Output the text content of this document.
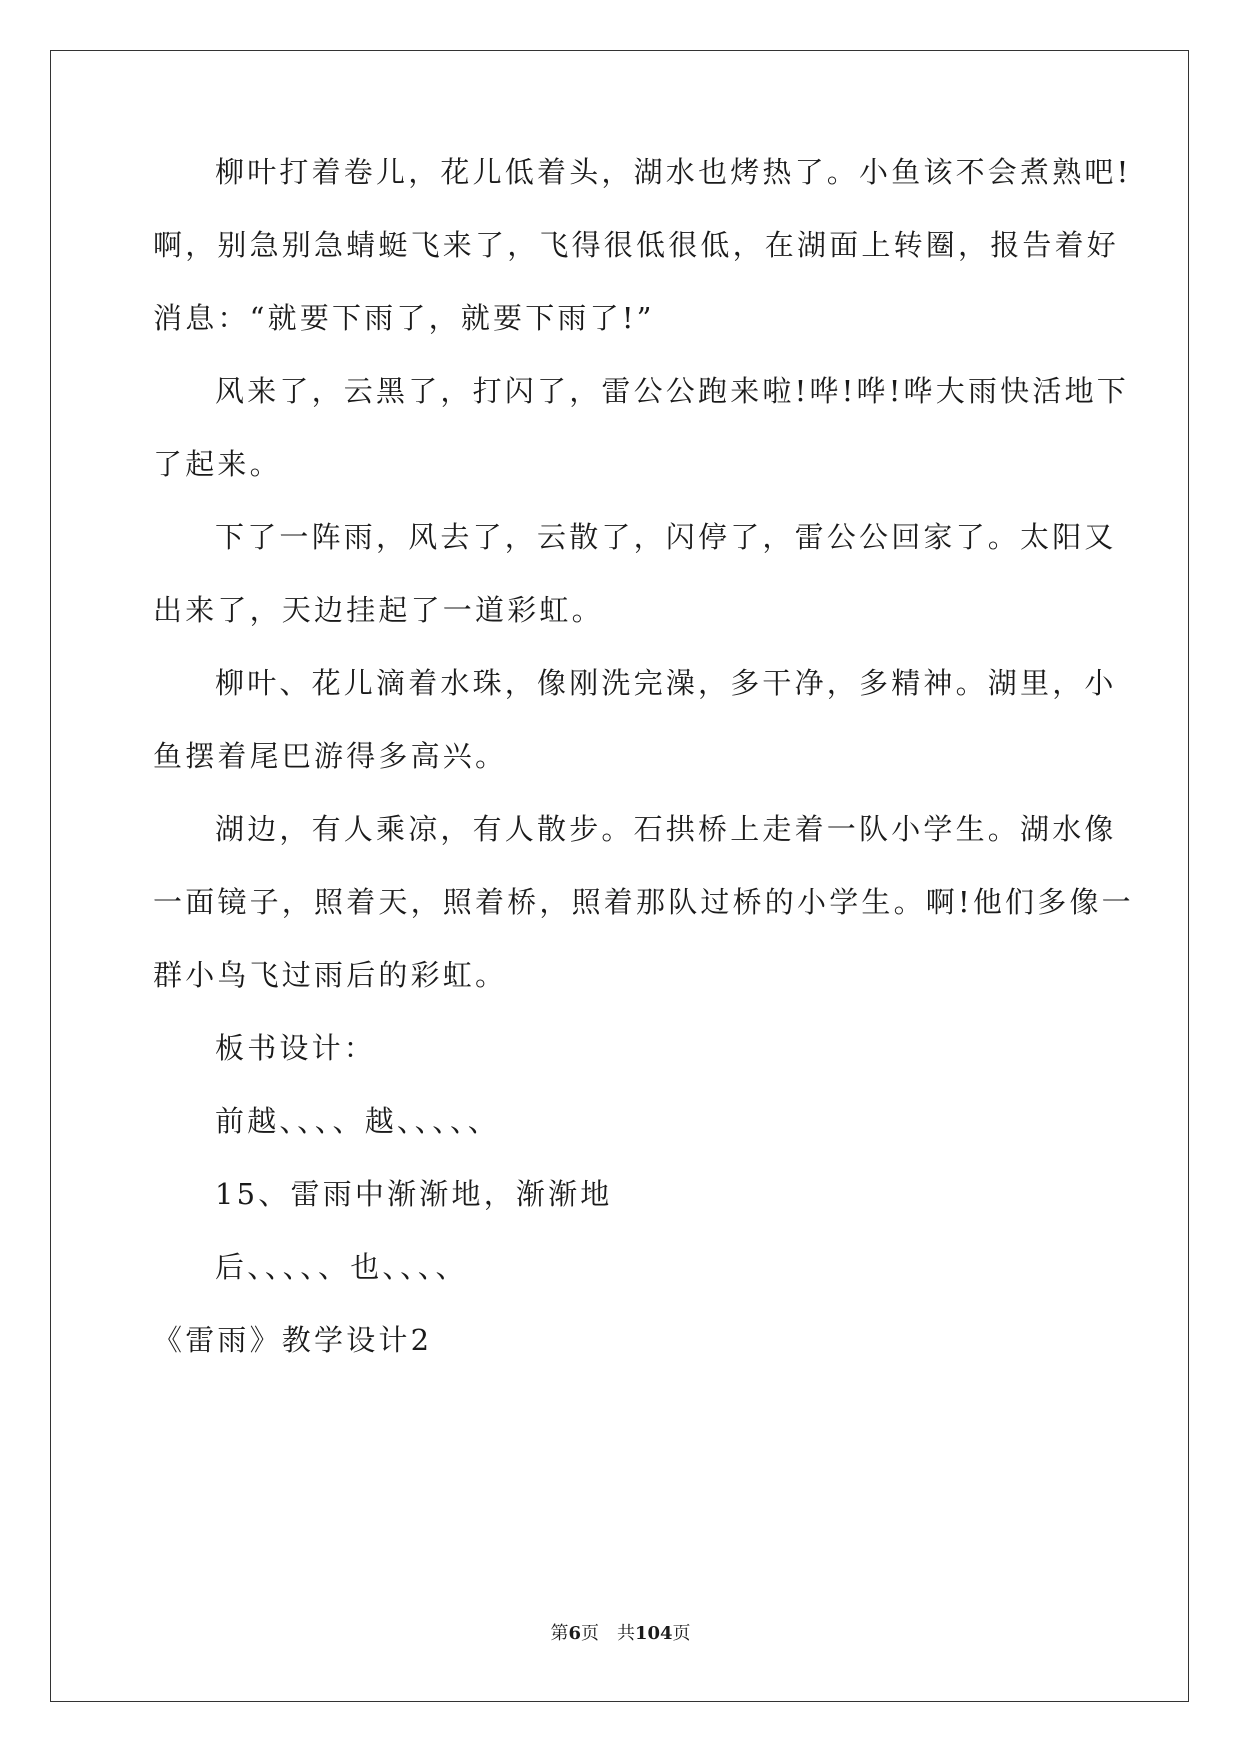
柳叶打着卷儿，花儿低着头，湖水也烤热了。小鱼该不会煮熟吧!
啊，别急别急蜻蜓飞来了，飞得很低很低，在湖面上转圈，报告着好
消息：“就要下雨了，就要下雨了!”
风来了，云黑了，打闪了，雷公公跑来啦!哗!哗!哗大雨快活地下
了起来。
下了一阵雨，风去了，云散了，闪停了，雷公公回家了。太阳又
出来了，天边挂起了一道彩虹。
柳叶、花儿滴着水珠，像刚洗完澡，多干净，多精神。湖里，小
鱼摆着尾巴游得多高兴。
湖边，有人乘凉，有人散步。石拱桥上走着一队小学生。湖水像
一面镜子，照着天，照着桥，照着那队过桥的小学生。啊!他们多像一
群小鸟飞过雨后的彩虹。
板书设计：
前越、、、、越、、、、、
15、雷雨中渐渐地，渐渐地
后、、、、、也、、、、
《雷雨》教学设计2
第6页　共104页
